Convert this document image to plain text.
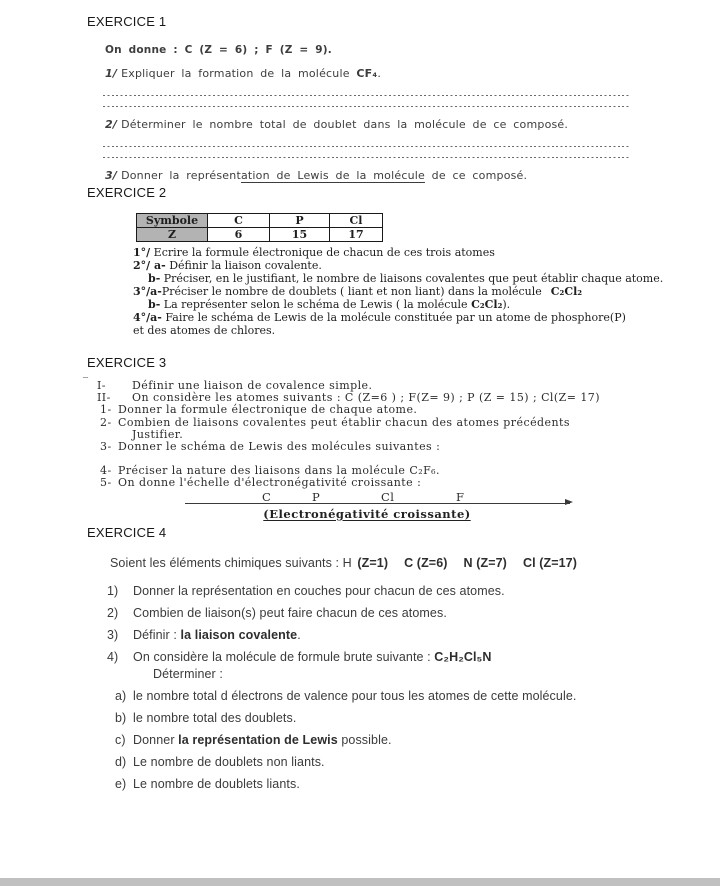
EXERCICE 1

On donne : C (Z = 6) ; F (Z = 9).

1/ Expliquer la formation de la molécule CF₄.

2/ Déterminer le nombre total de doublet dans la molécule de ce composé.

3/ Donner la représentation de Lewis de la molécule de ce composé.

EXERCICE 2
Symbole	C	P	Cl
Z	6	15	17

1°/ Ecrire la formule électronique de chacun de ces trois atomes

2°/ a- Définir la liaison covalente.

b- Préciser, en le justifiant, le nombre de liaisons covalentes que peut établir chaque atome.

3°/a-Préciser le nombre de doublets ( liant et non liant) dans la molécule C₂Cl₂

b- La représenter selon le schéma de Lewis ( la molécule C₂Cl₂).

4°/a- Faire le schéma de Lewis de la molécule constituée par un atome de phosphore(P)

et des atomes de chlores.

EXERCICE 3
¯ I-	Définir une liaison de covalence simple.
II-	On considère les atomes suivants : C (Z=6 ) ; F(Z= 9) ; P (Z = 15) ; Cl(Z= 17)
1- Donner la formule électronique de chaque atome.
2- Combien de liaisons covalentes peut établir chacun des atomes précédents
Justifier.
3- Donner le schéma de Lewis des molécules suivantes :
4- Préciser la nature des liaisons dans la molécule C₂F₆.
5- On donne l'échelle d'électronégativité croissante :
C	P	Cl	F
(Electronégativité croissante)
EXERCICE 4

Soient les éléments chimiques suivants : H (Z=1) C (Z=6) N (Z=7) Cl (Z=17)

1)	Donner la représentation en couches pour chacun de ces atomes.
2)	Combien de liaison(s) peut faire chacun de ces atomes.
3)	Définir : la liaison covalente.
4)	On considère la molécule de formule brute suivante : C₂H₂Cl₅N
Déterminer :
a) le nombre total d électrons de valence pour tous les atomes de cette molécule.
b) le nombre total des doublets.
c) Donner la représentation de Lewis possible.
d) Le nombre de doublets non liants.
e) Le nombre de doublets liants.
